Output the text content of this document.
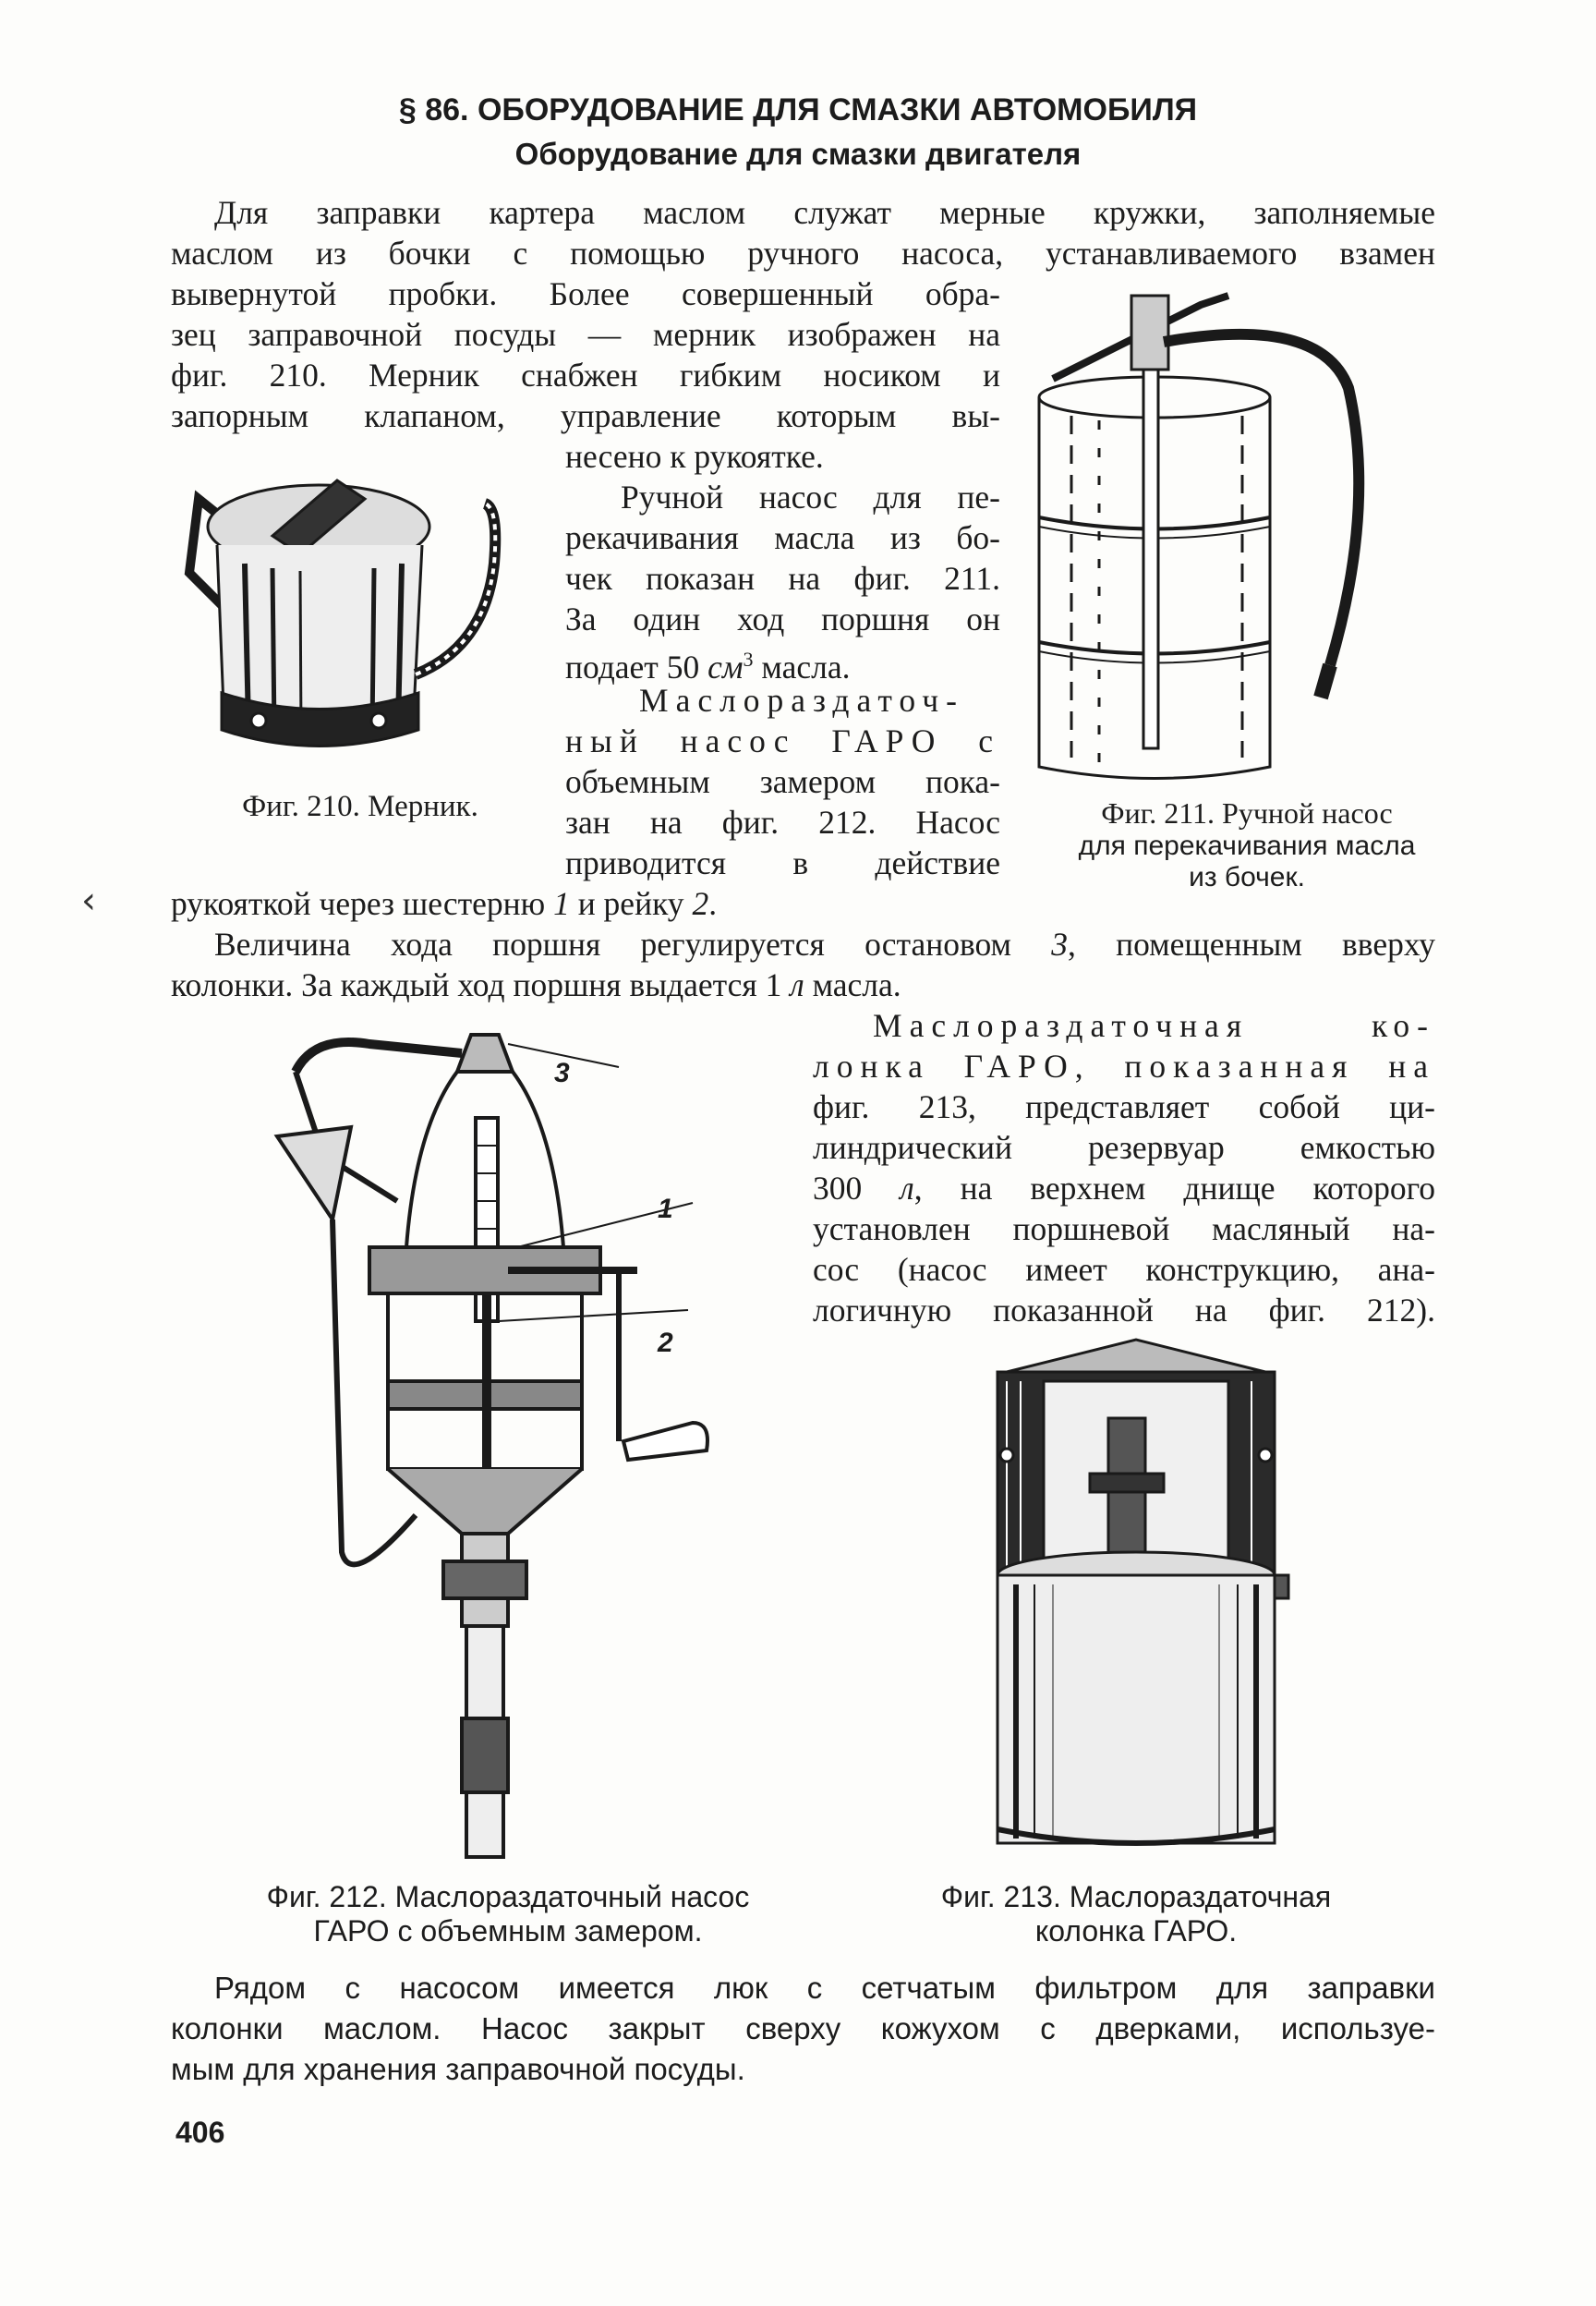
§ 86. ОБОРУДОВАНИЕ ДЛЯ СМАЗКИ АВТОМОБИЛЯ
Оборудование для смазки двигателя
Для заправки картера маслом служат мерные кружки, заполняемые
маслом из бочки с помощью ручного насоса, устанавливаемого взамен
вывернутой пробки. Более совершенный обра-
зец заправочной посуды — мерник изображен на
фиг. 210. Мерник снабжен гибким носиком и
запорным клапаном, управление которым вы-
несено к рукоятке.
Ручной насос для пе-
рекачивания масла из бо-
чек показан на фиг. 211.
За один ход поршня он
подает 50 $см^3$ масла.
Маслораздаточ-
ный насос ГАРО с
объемным замером пока-
зан на фиг. 212. Насос
приводится в действие
рукояткой через шестерню 1 и рейку 2.
‹
Величина хода поршня регулируется остановом 3, помещенным вверху
колонки. За каждый ход поршня выдается 1 л масла.
Маслораздаточная ко-
лонка ГАРО, показанная на
фиг. 213, представляет собой ци-
линдрический резервуар емкостью
300 л, на верхнем днище которого
установлен поршневой масляный на-
сос (насос имеет конструкцию, ана-
логичную показанной на фиг. 212).
Фиг. 210. Мерник.	Фиг. 211. Ручной насос
для перекачивания масла
из бочек.
3
1
2
Фиг. 212. Маслораздаточный насос
ГАРО с объемным замером.
Фиг. 213. Маслораздаточная
колонка ГАРО.
Рядом с насосом имеется люк с сетчатым фильтром для заправки
колонки маслом. Насос закрыт сверху кожухом с дверками, используе-
мым для хранения заправочной посуды.
406
